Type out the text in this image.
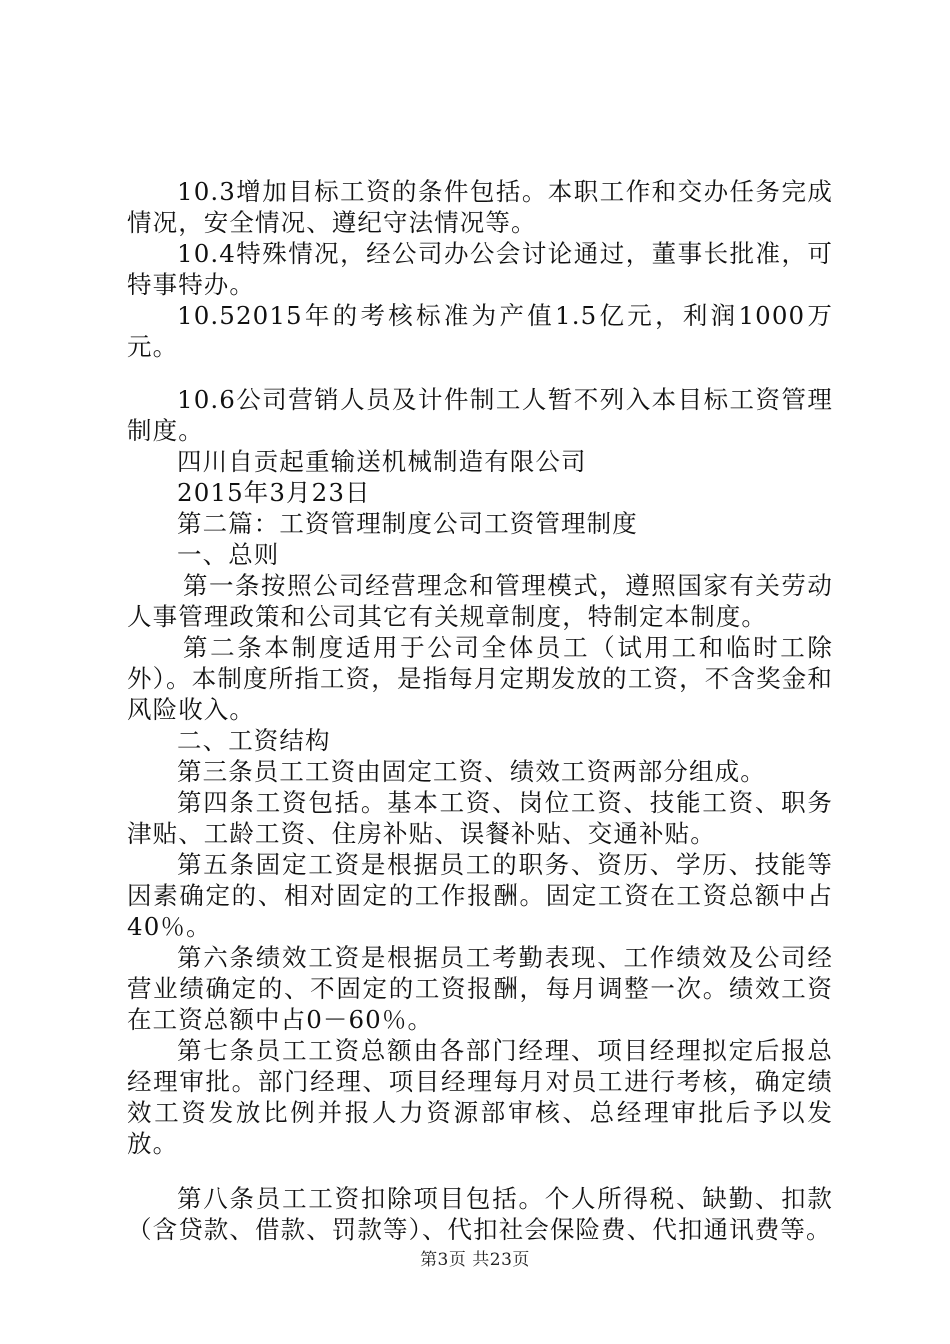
10.3增加目标工资的条件包括。本职工作和交办任务完成情况，安全情况、遵纪守法情况等。

10.4特殊情况，经公司办公会讨论通过，董事长批准，可特事特办。

10.52015年的考核标准为产值1.5亿元，利润1000万元。

10.6公司营销人员及计件制工人暂不列入本目标工资管理制度。

四川自贡起重输送机械制造有限公司

2015年3月23日

第二篇：工资管理制度公司工资管理制度

一、总则

第一条按照公司经营理念和管理模式，遵照国家有关劳动人事管理政策和公司其它有关规章制度，特制定本制度。

第二条本制度适用于公司全体员工（试用工和临时工除外）。本制度所指工资，是指每月定期发放的工资，不含奖金和风险收入。

二、工资结构

第三条员工工资由固定工资、绩效工资两部分组成。

第四条工资包括。基本工资、岗位工资、技能工资、职务津贴、工龄工资、住房补贴、误餐补贴、交通补贴。

第五条固定工资是根据员工的职务、资历、学历、技能等因素确定的、相对固定的工作报酬。固定工资在工资总额中占40％。

第六条绩效工资是根据员工考勤表现、工作绩效及公司经营业绩确定的、不固定的工资报酬，每月调整一次。绩效工资在工资总额中占0－60％。

第七条员工工资总额由各部门经理、项目经理拟定后报总经理审批。部门经理、项目经理每月对员工进行考核，确定绩效工资发放比例并报人力资源部审核、总经理审批后予以发放。

第八条员工工资扣除项目包括。个人所得税、缺勤、扣款（含贷款、借款、罚款等）、代扣社会保险费、代扣通讯费等。

第3页 共23页
